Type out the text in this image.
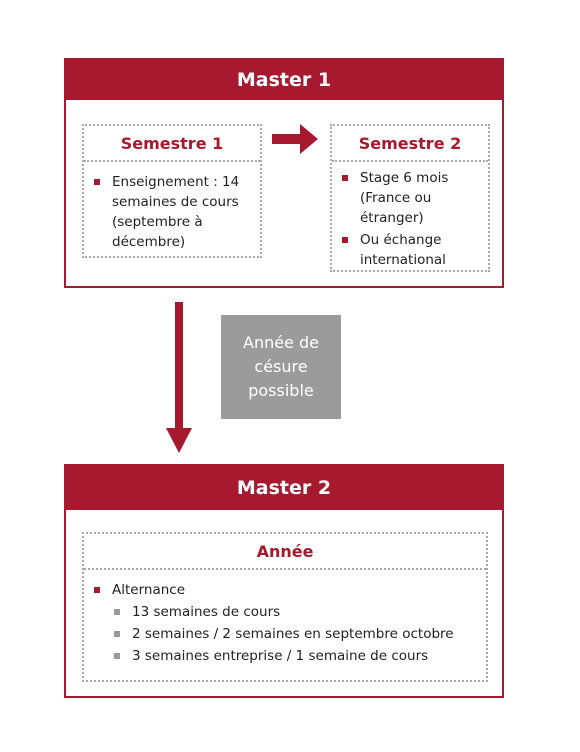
Master 1
Semestre 1
Enseignement : 14 semaines de cours (septembre à décembre)
Semestre 2
Stage 6 mois (France ou étranger)
Ou échange international
Année de césure possible
Master 2
Année
Alternance
13 semaines de cours
2 semaines / 2 semaines en septembre octobre
3 semaines entreprise / 1 semaine de cours
